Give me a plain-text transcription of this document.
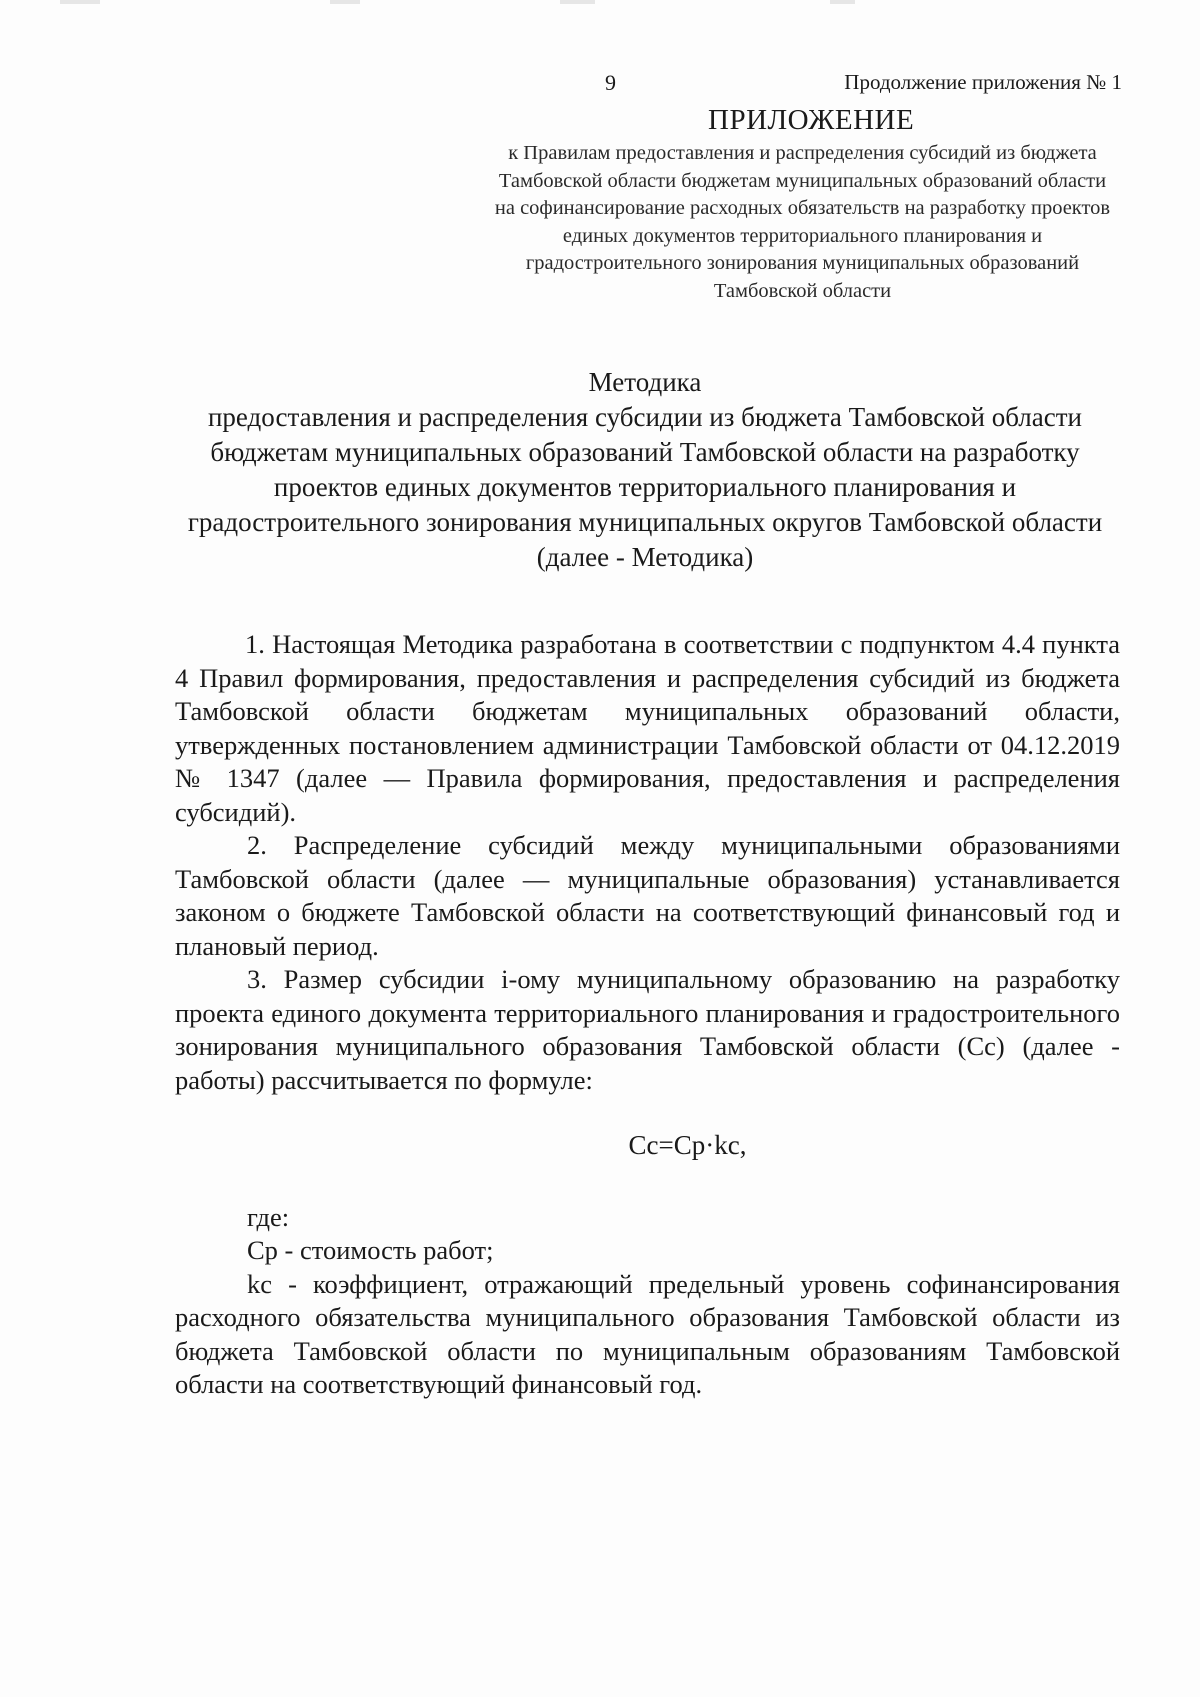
9	Продолжение приложения № 1
ПРИЛОЖЕНИЕ
к Правилам предоставления и распределения субсидий из бюджета Тамбовской области бюджетам муниципальных образований области на софинансирование расходных обязательств на разработку проектов единых документов территориального планирования и градостроительного зонирования муниципальных образований Тамбовской области
Методика
предоставления и распределения субсидии из бюджета Тамбовской области бюджетам муниципальных образований Тамбовской области на разработку проектов единых документов территориального планирования и градостроительного зонирования муниципальных округов Тамбовской области
(далее - Методика)

1. Настоящая Методика разработана в соответствии с подпунктом 4.4 пункта 4 Правил формирования, предоставления и распределения субсидий из бюджета Тамбовской области бюджетам муниципальных образований области, утвержденных постановлением администрации Тамбовской области от 04.12.2019 № 1347 (далее — Правила формирования, предоставления и распределения субсидий).

2. Распределение субсидий между муниципальными образованиями Тамбовской области (далее — муниципальные образования) устанавливается законом о бюджете Тамбовской области на соответствующий финансовый год и плановый период.

3. Размер субсидии i-ому муниципальному образованию на разработку проекта единого документа территориального планирования и градостроительного зонирования муниципального образования Тамбовской области (Cc) (далее - работы) рассчитывается по формуле:

Cc=Cp·kc,

где:

Cp - стоимость работ;

kc - коэффициент, отражающий предельный уровень софинансирования расходного обязательства муниципального образования Тамбовской области из бюджета Тамбовской области по муниципальным образованиям Тамбовской области на соответствующий финансовый год.
